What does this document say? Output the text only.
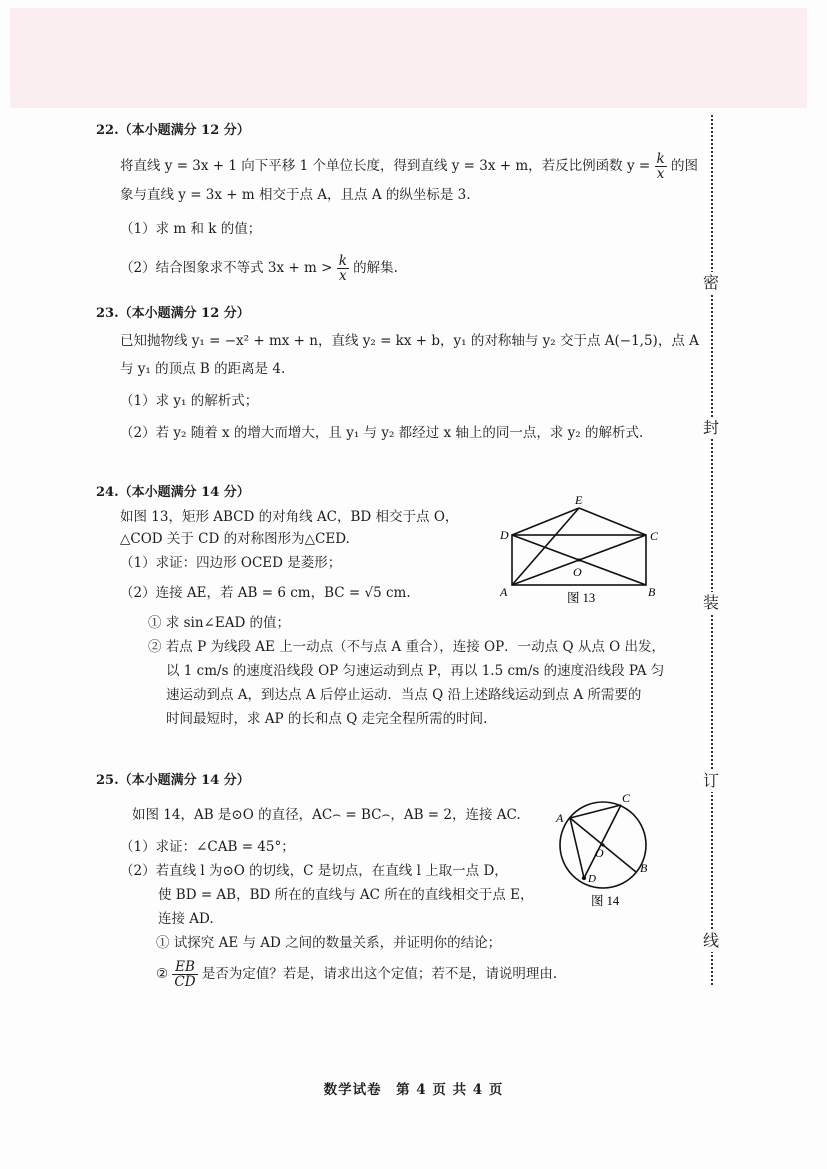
密
封
装
订
线
22.（本小题满分 12 分）
将直线 y = 3x + 1 向下平移 1 个单位长度，得到直线 y = 3x + m，若反比例函数 $y = \frac{k}{x}$ 的图
象与直线 y = 3x + m 相交于点 A，且点 A 的纵坐标是 3.
（1）求 m 和 k 的值；
（2）结合图象求不等式 $3x + m > \frac{k}{x}$ 的解集.
23.（本小题满分 12 分）
已知抛物线 y₁ = −x² + mx + n，直线 y₂ = kx + b，y₁ 的对称轴与 y₂ 交于点 A(−1,5)，点 A
与 y₁ 的顶点 B 的距离是 4.
（1）求 y₁ 的解析式；
（2）若 y₂ 随着 x 的增大而增大，且 y₁ 与 y₂ 都经过 x 轴上的同一点，求 y₂ 的解析式.
24.（本小题满分 14 分）
如图 13，矩形 ABCD 的对角线 AC，BD 相交于点 O，
△COD 关于 CD 的对称图形为△CED.
（1）求证：四边形 OCED 是菱形；
（2）连接 AE，若 AB = 6 cm，BC = √5 cm.
① 求 sin∠EAD 的值；
② 若点 P 为线段 AE 上一动点（不与点 A 重合），连接 OP．一动点 Q 从点 O 出发，
以 1 cm/s 的速度沿线段 OP 匀速运动到点 P，再以 1.5 cm/s 的速度沿线段 PA 匀
速运动到点 A，到达点 A 后停止运动．当点 Q 沿上述路线运动到点 A 所需要的
时间最短时，求 AP 的长和点 Q 走完全程所需的时间.
D	C
E
O
A	B
图 13
25.（本小题满分 14 分）
如图 14，AB 是⊙O 的直径，AC⌢ = BC⌢，AB = 2，连接 AC.
（1）求证：∠CAB = 45°；
（2）若直线 l 为⊙O 的切线，C 是切点，在直线 l 上取一点 D，
使 BD = AB，BD 所在的直线与 AC 所在的直线相交于点 E，
连接 AD.
① 试探究 AE 与 AD 之间的数量关系，并证明你的结论；
② $\frac{EB}{CD}$ 是否为定值？若是，请求出这个定值；若不是，请说明理由.
A
C
O
B
D
图 14
数学试卷　第 4 页 共 4 页
